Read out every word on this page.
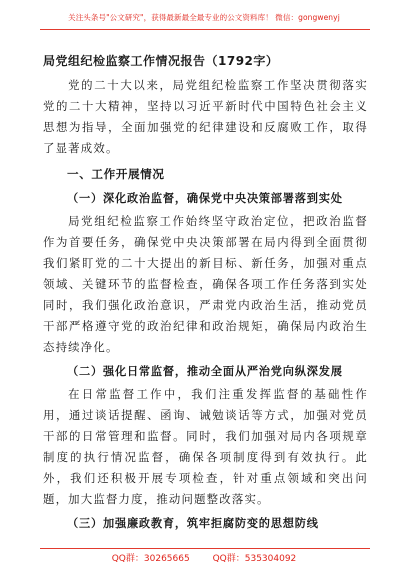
关注头条号"公文研究"，获得最新最全最专业的公文资料库！ 微信：gongwenyj
局党组纪检监察工作情况报告（1792字）

党的二十大以来，局党组纪检监察工作坚决贯彻落实党的二十大精神，坚持以习近平新时代中国特色社会主义思想为指导，全面加强党的纪律建设和反腐败工作，取得了显著成效。

一、工作开展情况
（一）深化政治监督，确保党中央决策部署落到实处

局党组纪检监察工作始终坚守政治定位，把政治监督作为首要任务，确保党中央决策部署在局内得到全面贯彻我们紧盯党的二十大提出的新目标、新任务，加强对重点领域、关键环节的监督检查，确保各项工作任务落到实处同时，我们强化政治意识，严肃党内政治生活，推动党员干部严格遵守党的政治纪律和政治规矩，确保局内政治生态持续净化。

（二）强化日常监督，推动全面从严治党向纵深发展

在日常监督工作中，我们注重发挥监督的基础性作用，通过谈话提醒、函询、诫勉谈话等方式，加强对党员干部的日常管理和监督。同时，我们加强对局内各项规章制度的执行情况监督，确保各项制度得到有效执行。此外，我们还积极开展专项检查，针对重点领域和突出问题，加大监督力度，推动问题整改落实。

（三）加强廉政教育，筑牢拒腐防变的思想防线
QQ群：30265665	QQ群：535304092
